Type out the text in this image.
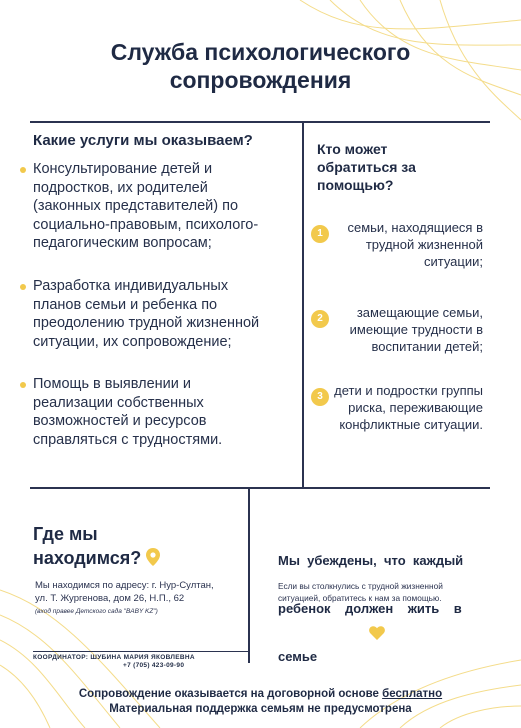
Служба психологического
сопровождения
Какие услуги мы оказываем?
Консультирование детей и
подростков, их родителей
(законных представителей) по
социально-правовым, психолого-
педагогическим вопросам;
Разработка индивидуальных
планов семьи и ребенка по
преодолению трудной жизненной
ситуации, их сопровождение;
Помощь в выявлении и
реализации собственных
возможностей и ресурсов
справляться с трудностями.
Кто может
обратиться за
помощью?
1	семьи, находящиеся в
трудной жизненной
ситуации;
2	замещающие семьи,
имеющие трудности в
воспитании детей;
3 дети и подростки группы
риска, переживающие
конфликтные ситуации.
Где мы
находимся?
Мы находимся по адресу: г. Нур-Султан,
ул. Т. Жургенова, дом 26, Н.П., 62
(вход правее Детского сада "BABY KZ")

Мы  убеждены,  что  каждый

ребенок    должен    жить    в

семье

Если вы столкнулись с трудной жизненной
ситуацией, обратитесь к нам за помощью.
КООРДИНАТОР: ШУБИНА МАРИЯ ЯКОВЛЕВНА
+7 (705) 423-09-90
Сопровождение оказывается на договорной основе бесплатно
Материальная поддержка семьям не предусмотрена
